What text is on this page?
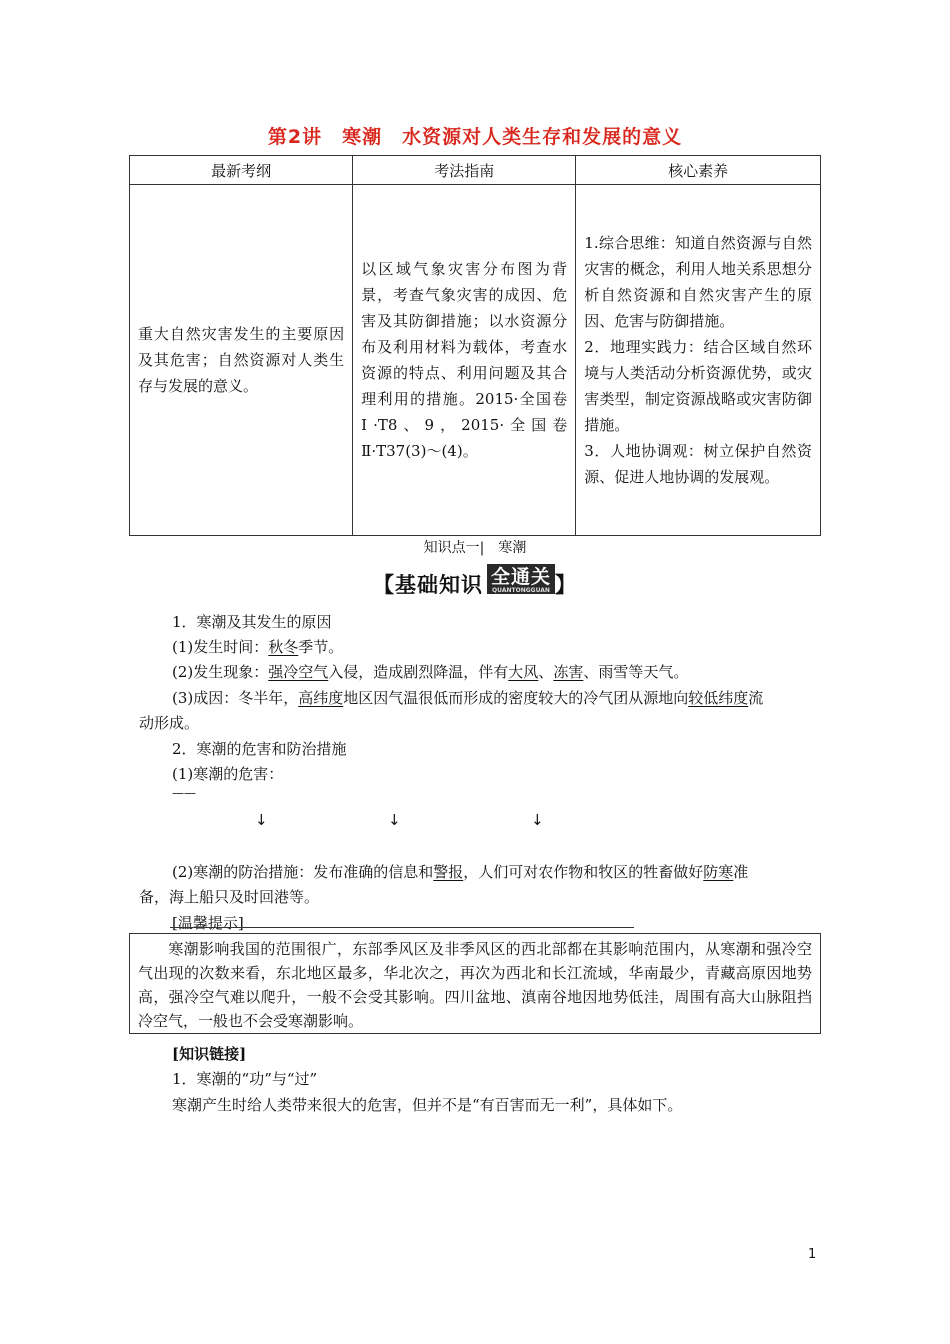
第2讲　寒潮　水资源对人类生存和发展的意义
最新考纲	考法指南	核心素养
重大自然灾害发生的主要原因及其危害；自然资源对人类生存与发展的意义。	以区域气象灾害分布图为背景，考查气象灾害的成因、危害及其防御措施；以水资源分布及利用材料为载体，考查水资源的特点、利用问题及其合理利用的措施。2015·全国卷Ⅰ·T8、9，2015·全国卷Ⅱ·T37(3)～(4)。	1.综合思维：知道自然资源与自然灾害的概念，利用人地关系思想分析自然资源和自然灾害产生的原因、危害与防御措施。
2．地理实践力：结合区域自然环境与人类活动分析资源优势，或灾害类型，制定资源战略或灾害防御措施。
3．人地协调观：树立保护自然资源、促进人地协调的发展观。
知识点一|　寒潮
【基础知识 全通关
QUANTONGGUAN 】

1．寒潮及其发生的原因

(1)发生时间：秋冬季节。

(2)发生现象：强冷空气入侵，造成剧烈降温，伴有大风、冻害、雨雪等天气。

(3)成因：冬半年，高纬度地区因气温很低而形成的密度较大的冷气团从源地向较低纬度流

动形成。

2．寒潮的危害和防治措施

(1)寒潮的危害：

——

↓	↓	↓

(2)寒潮的防治措施：发布准确的信息和警报，人们可对农作物和牧区的牲畜做好防寒准

备，海上船只及时回港等。

[温馨提示]

寒潮影响我国的范围很广，东部季风区及非季风区的西北部都在其影响范围内，从寒潮和强冷空气出现的次数来看，东北地区最多，华北次之，再次为西北和长江流域，华南最少，青藏高原因地势高，强冷空气难以爬升，一般不会受其影响。四川盆地、滇南谷地因地势低洼，周围有高大山脉阻挡冷空气，一般也不会受寒潮影响。

[知识链接]

1．寒潮的“功”与“过”

寒潮产生时给人类带来很大的危害，但并不是“有百害而无一利”，具体如下。

1
